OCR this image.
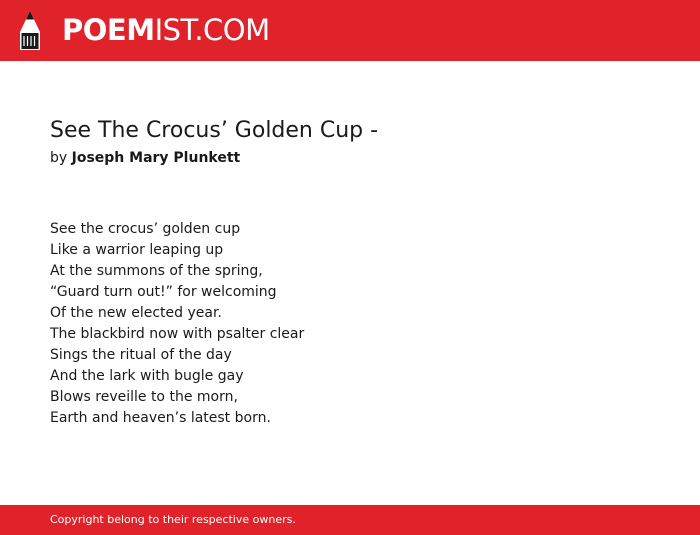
POEMIST.COM
See The Crocus’ Golden Cup -
by Joseph Mary Plunkett
See the crocus’ golden cup
Like a warrior leaping up
At the summons of the spring,
“Guard turn out!” for welcoming
Of the new elected year.
The blackbird now with psalter clear
Sings the ritual of the day
And the lark with bugle gay
Blows reveille to the morn,
Earth and heaven’s latest born.
Copyright belong to their respective owners.
